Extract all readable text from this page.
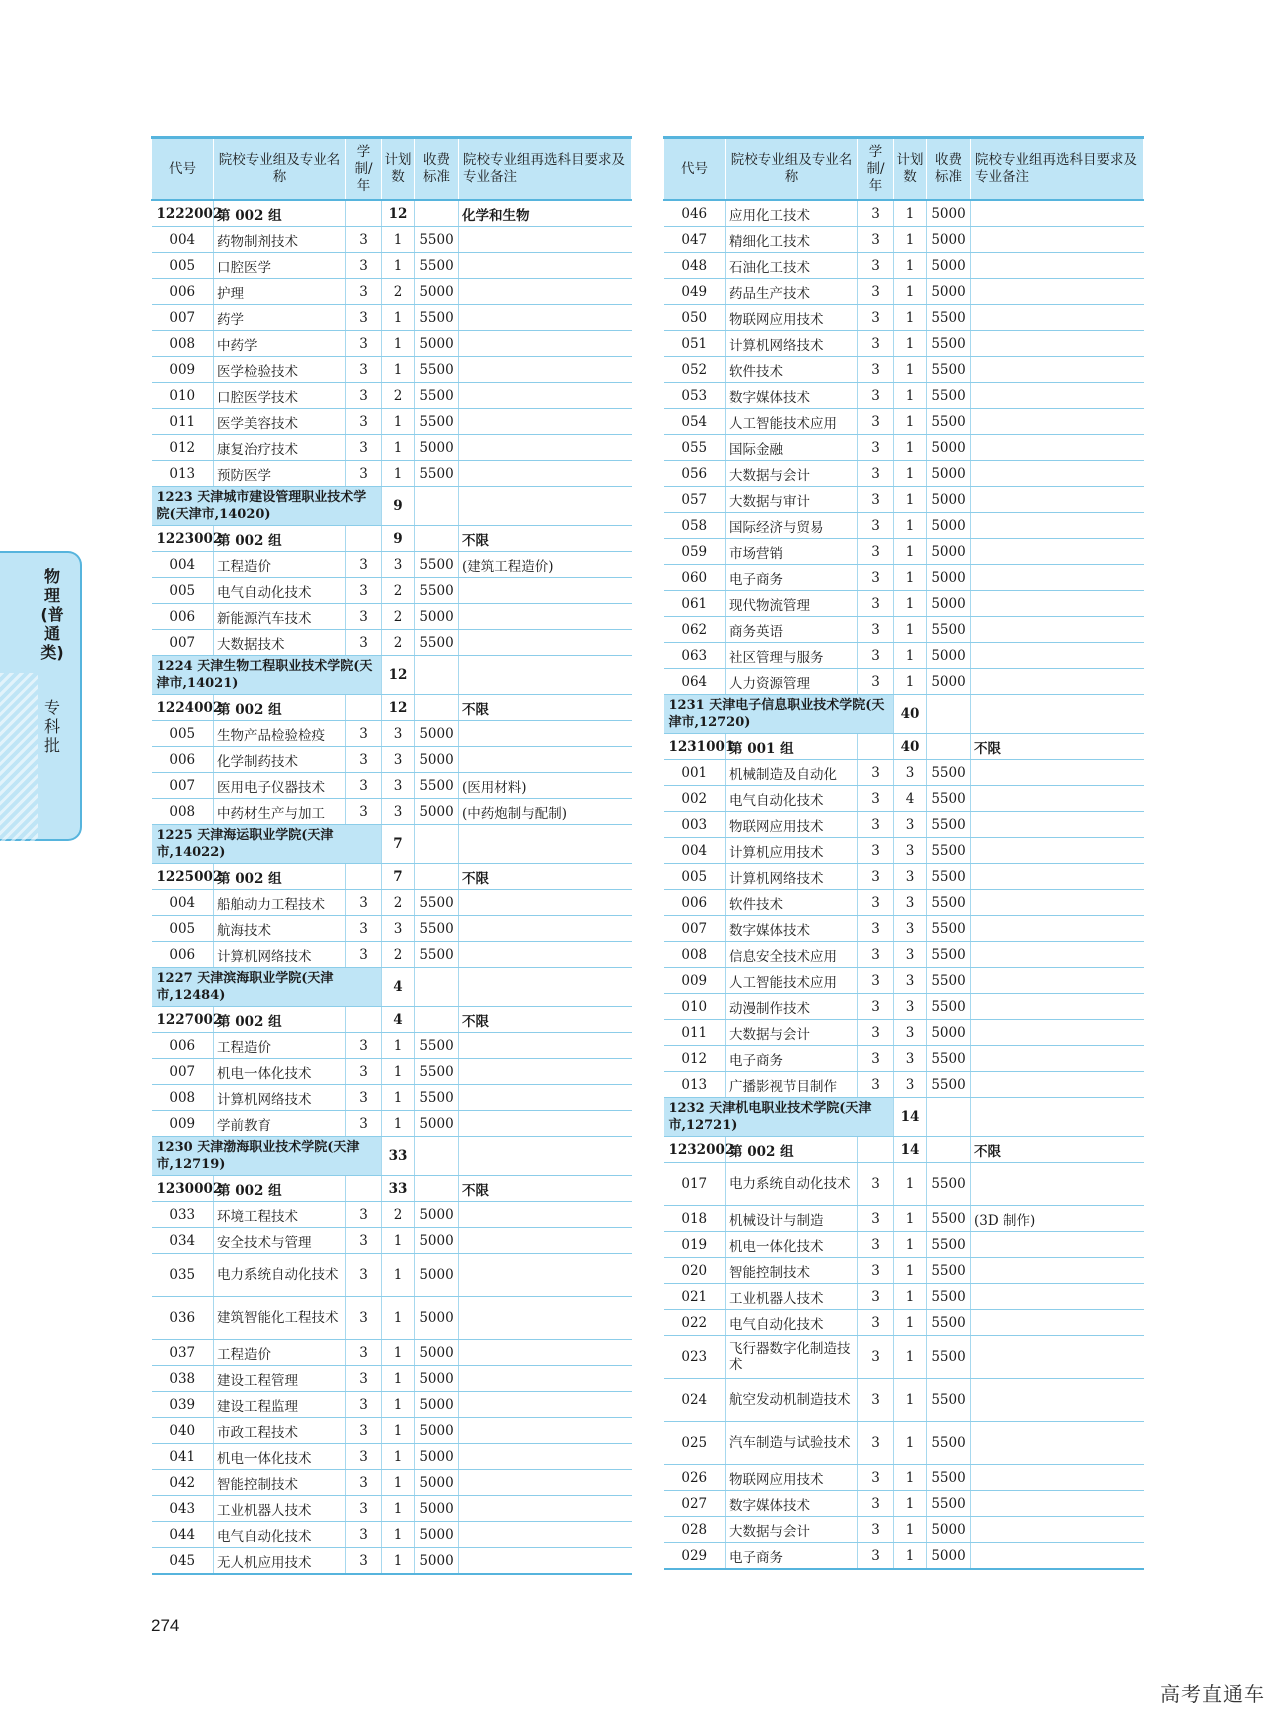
物理(普通类)
专科批
代号	院校专业组及专业名称	学制/年	计划数	收费标准	院校专业组再选科目要求及专业备注
1222002	第 002 组		12		化学和生物
004	药物制剂技术	3	1	5500	
005	口腔医学	3	1	5500	
006	护理	3	2	5000	
007	药学	3	1	5500	
008	中药学	3	1	5000	
009	医学检验技术	3	1	5500	
010	口腔医学技术	3	2	5500	
011	医学美容技术	3	1	5500	
012	康复治疗技术	3	1	5000	
013	预防医学	3	1	5500	
1223 天津城市建设管理职业技术学院(天津市,14020)			9		
1223002	第 002 组		9		不限
004	工程造价	3	3	5500	(建筑工程造价)
005	电气自动化技术	3	2	5500	
006	新能源汽车技术	3	2	5000	
007	大数据技术	3	2	5500	
1224 天津生物工程职业技术学院(天津市,14021)			12		
1224002	第 002 组		12		不限
005	生物产品检验检疫	3	3	5000	
006	化学制药技术	3	3	5000	
007	医用电子仪器技术	3	3	5500	(医用材料)
008	中药材生产与加工	3	3	5000	(中药炮制与配制)
1225 天津海运职业学院(天津市,14022)			7		
1225002	第 002 组		7		不限
004	船舶动力工程技术	3	2	5500	
005	航海技术	3	3	5500	
006	计算机网络技术	3	2	5500	
1227 天津滨海职业学院(天津市,12484)			4		
1227002	第 002 组		4		不限
006	工程造价	3	1	5500	
007	机电一体化技术	3	1	5500	
008	计算机网络技术	3	1	5500	
009	学前教育	3	1	5000	
1230 天津渤海职业技术学院(天津市,12719)			33		
1230002	第 002 组		33		不限
033	环境工程技术	3	2	5000	
034	安全技术与管理	3	1	5000	
035	电力系统自动化技术	3	1	5000	
036	建筑智能化工程技术	3	1	5000	
037	工程造价	3	1	5000	
038	建设工程管理	3	1	5000	
039	建设工程监理	3	1	5000	
040	市政工程技术	3	1	5000	
041	机电一体化技术	3	1	5000	
042	智能控制技术	3	1	5000	
043	工业机器人技术	3	1	5000	
044	电气自动化技术	3	1	5000	
045	无人机应用技术	3	1	5000	
代号	院校专业组及专业名称	学制/年	计划数	收费标准	院校专业组再选科目要求及专业备注
046	应用化工技术	3	1	5000	
047	精细化工技术	3	1	5000	
048	石油化工技术	3	1	5000	
049	药品生产技术	3	1	5000	
050	物联网应用技术	3	1	5500	
051	计算机网络技术	3	1	5500	
052	软件技术	3	1	5500	
053	数字媒体技术	3	1	5500	
054	人工智能技术应用	3	1	5500	
055	国际金融	3	1	5000	
056	大数据与会计	3	1	5000	
057	大数据与审计	3	1	5000	
058	国际经济与贸易	3	1	5000	
059	市场营销	3	1	5000	
060	电子商务	3	1	5000	
061	现代物流管理	3	1	5000	
062	商务英语	3	1	5500	
063	社区管理与服务	3	1	5000	
064	人力资源管理	3	1	5000	
1231 天津电子信息职业技术学院(天津市,12720)			40		
1231001	第 001 组		40		不限
001	机械制造及自动化	3	3	5500	
002	电气自动化技术	3	4	5500	
003	物联网应用技术	3	3	5500	
004	计算机应用技术	3	3	5500	
005	计算机网络技术	3	3	5500	
006	软件技术	3	3	5500	
007	数字媒体技术	3	3	5500	
008	信息安全技术应用	3	3	5500	
009	人工智能技术应用	3	3	5500	
010	动漫制作技术	3	3	5500	
011	大数据与会计	3	3	5000	
012	电子商务	3	3	5500	
013	广播影视节目制作	3	3	5500	
1232 天津机电职业技术学院(天津市,12721)			14		
1232002	第 002 组		14		不限
017	电力系统自动化技术	3	1	5500	
018	机械设计与制造	3	1	5500	(3D 制作)
019	机电一体化技术	3	1	5500	
020	智能控制技术	3	1	5500	
021	工业机器人技术	3	1	5500	
022	电气自动化技术	3	1	5500	
023	飞行器数字化制造技术	3	1	5500	
024	航空发动机制造技术	3	1	5500	
025	汽车制造与试验技术	3	1	5500	
026	物联网应用技术	3	1	5500	
027	数字媒体技术	3	1	5500	
028	大数据与会计	3	1	5000	
029	电子商务	3	1	5000	
274
高考直通车
